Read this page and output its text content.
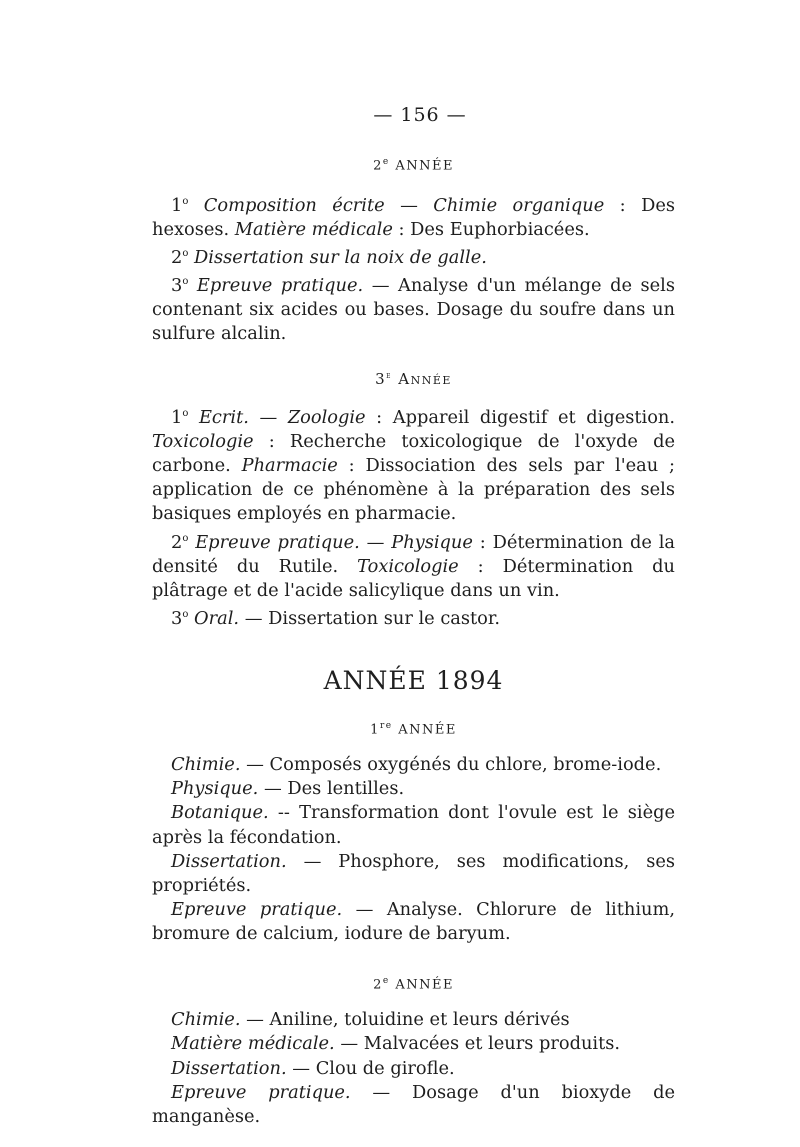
— 156 —
2e ANNÉE

1$^o$ Composition écrite — Chimie organique : Des hexoses. Matière médicale : Des Euphorbiacées.

2$^o$ Dissertation sur la noix de galle.

3$^o$ Epreuve pratique. — Analyse d'un mélange de sels contenant six acides ou bases. Dosage du soufre dans un sulfure alcalin.

3e Année

1$^o$ Ecrit. — Zoologie : Appareil digestif et digestion. Toxicologie : Recherche toxicologique de l'oxyde de carbone. Pharmacie : Dissociation des sels par l'eau ; application de ce phénomène à la préparation des sels basiques employés en pharmacie.

2$^o$ Epreuve pratique. — Physique : Détermination de la densité du Rutile. Toxicologie : Détermination du plâtrage et de l'acide salicylique dans un vin.

3$^o$ Oral. — Dissertation sur le castor.

ANNÉE 1894
1re ANNÉE

Chimie. — Composés oxygénés du chlore, brome-iode.

Physique. — Des lentilles.

Botanique. -- Transformation dont l'ovule est le siège après la fécondation.

Dissertation. — Phosphore, ses modifications, ses propriétés.

Epreuve pratique. — Analyse. Chlorure de lithium, bromure de calcium, iodure de baryum.

2e ANNÉE

Chimie. — Aniline, toluidine et leurs dérivés

Matière médicale. — Malvacées et leurs produits.

Dissertation. — Clou de girofle.

Epreuve pratique. — Dosage d'un bioxyde de manganèse.
